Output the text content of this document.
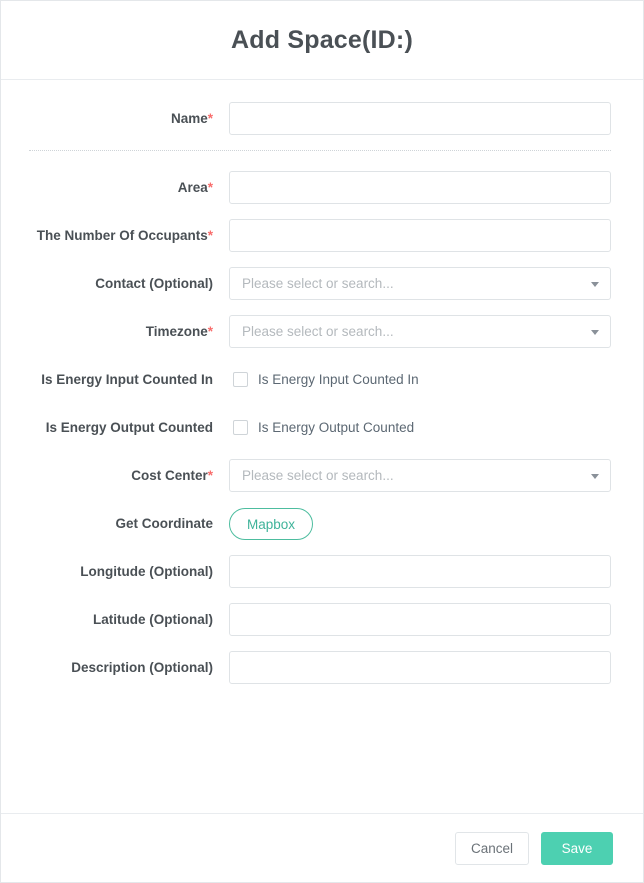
Add Space(ID:)
Name*
Area*
The Number Of Occupants*
Contact (Optional)	Please select or search...
Timezone*	Please select or search...
Is Energy Input Counted In	Is Energy Input Counted In
Is Energy Output Counted	Is Energy Output Counted
Cost Center*	Please select or search...
Get Coordinate	Mapbox
Longitude (Optional)
Latitude (Optional)
Description (Optional)
Cancel	Save
